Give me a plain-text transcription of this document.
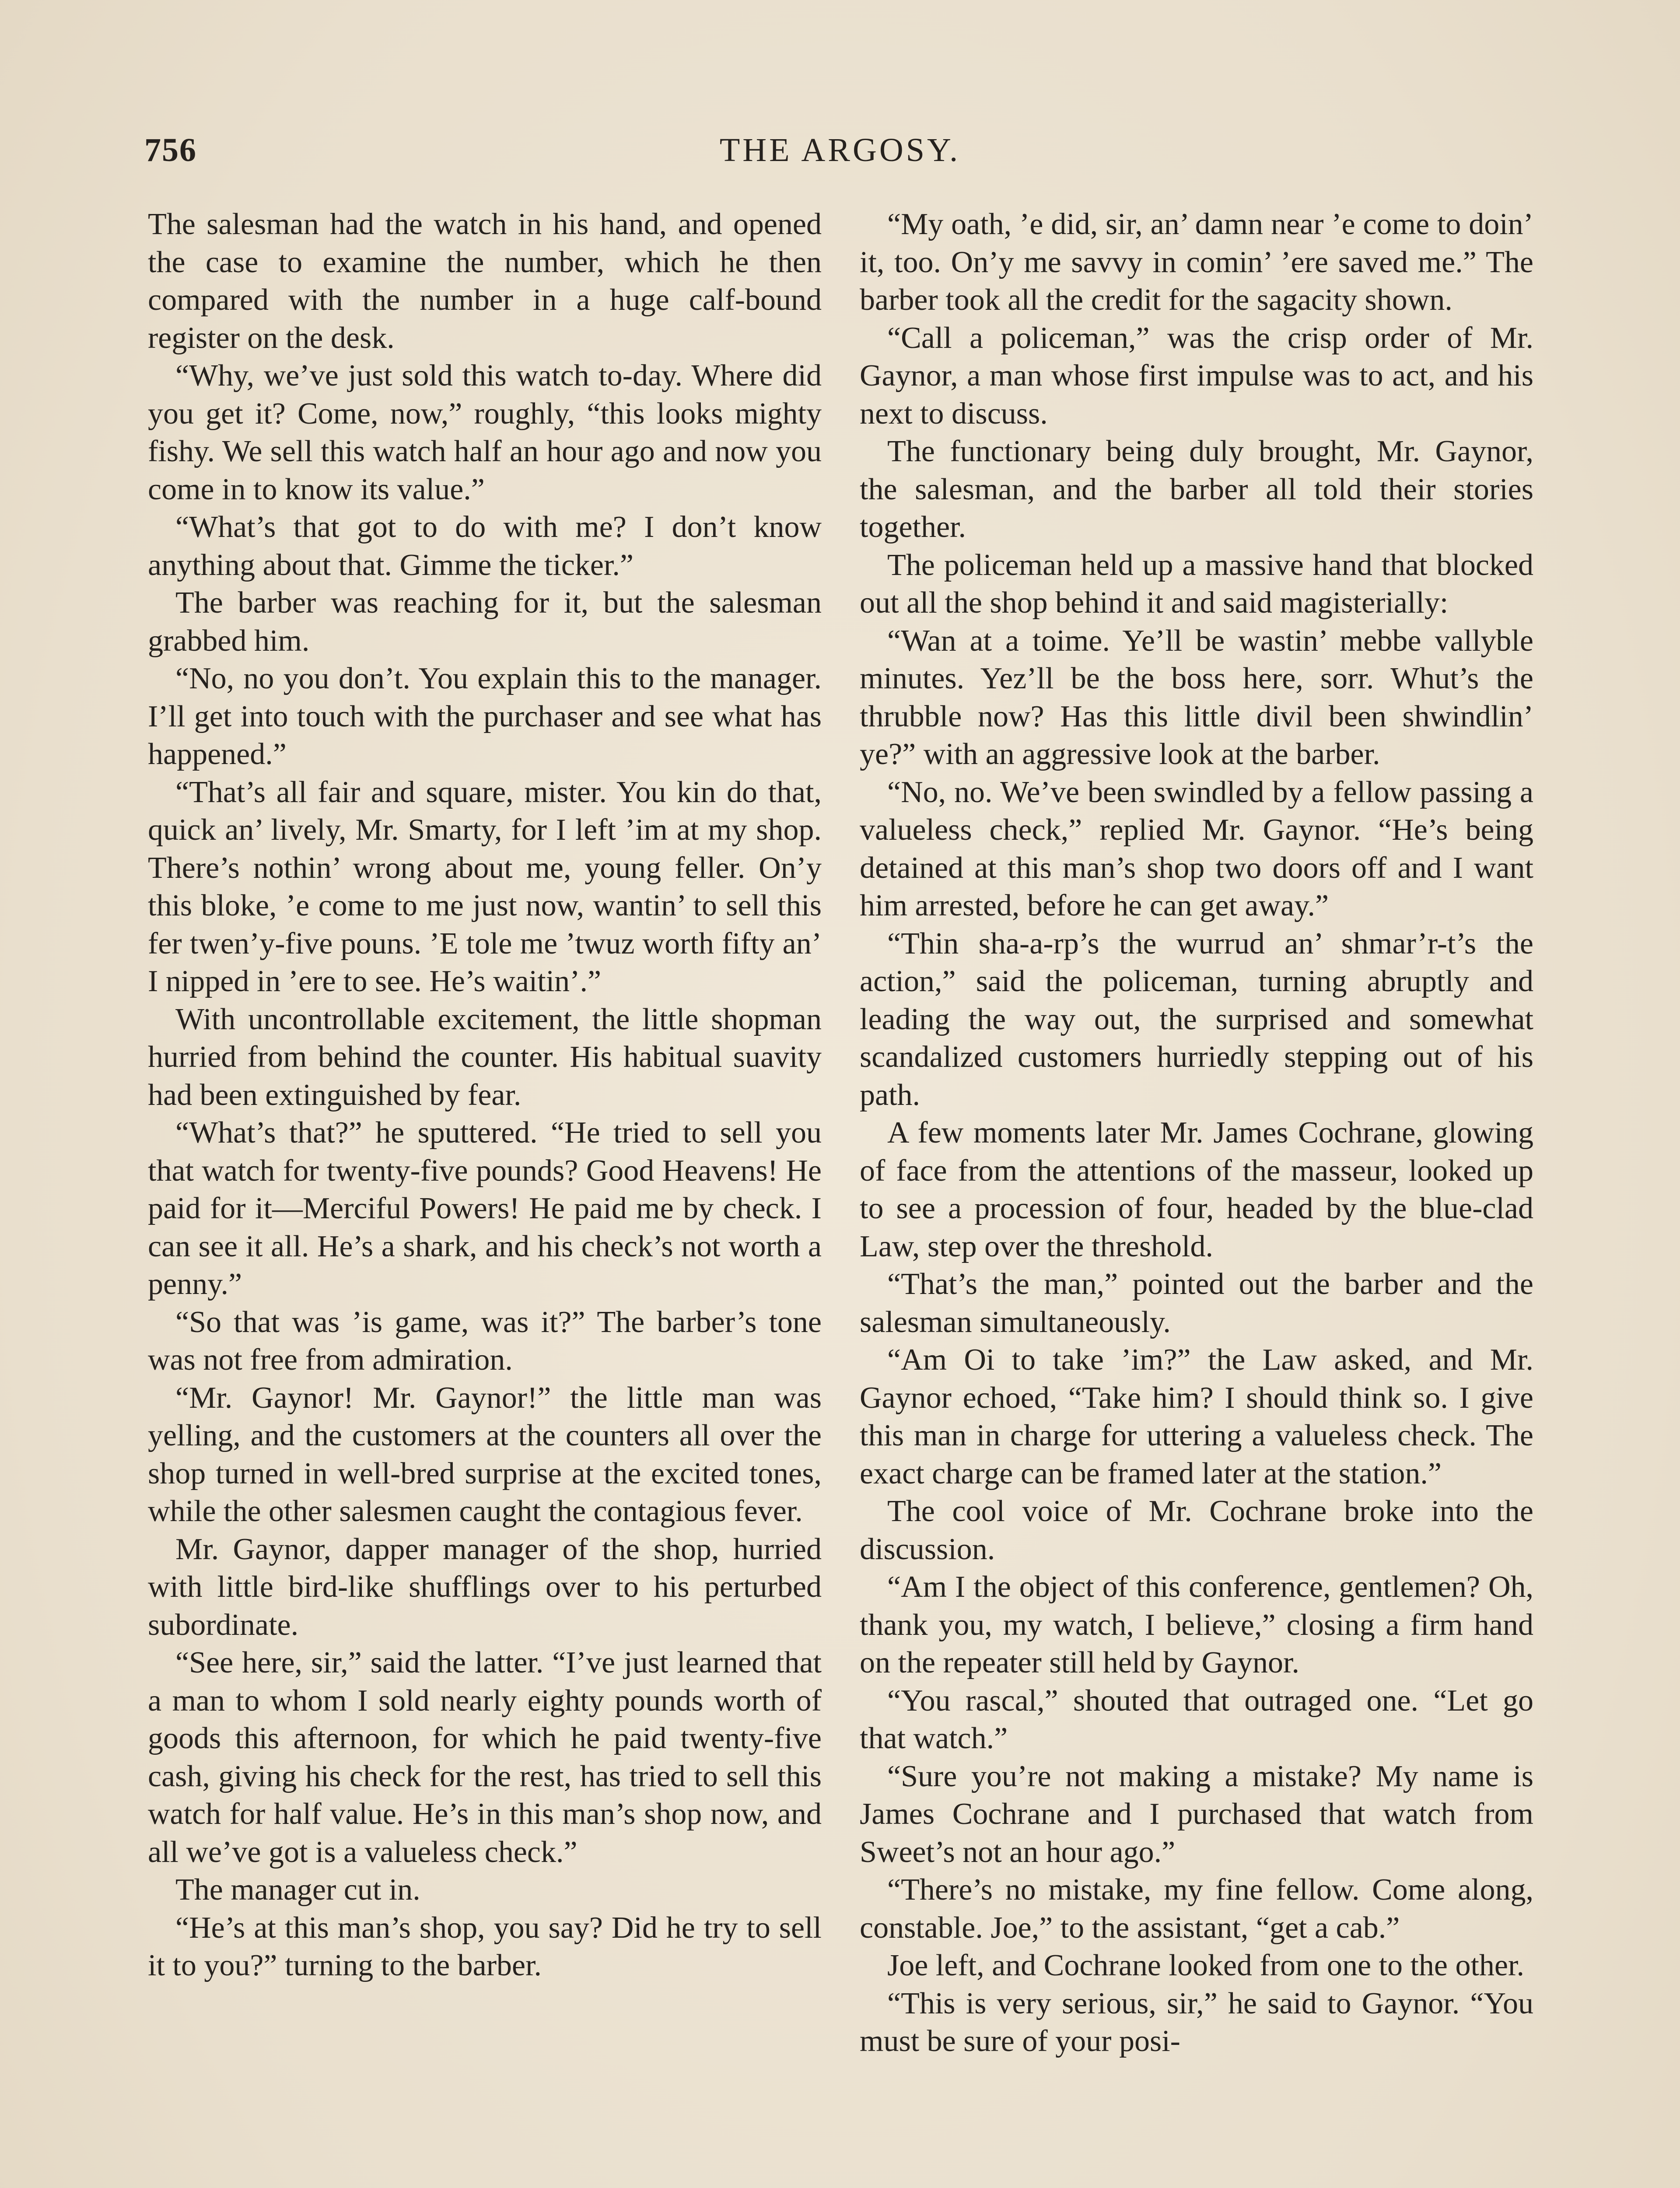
756	THE ARGOSY.

The salesman had the watch in his hand, and opened the case to examine the number, which he then compared with the number in a huge calf-bound register on the desk.

“Why, we’ve just sold this watch to-day. Where did you get it? Come, now,” roughly, “this looks mighty fishy. We sell this watch half an hour ago and now you come in to know its value.”

“What’s that got to do with me? I don’t know anything about that. Gimme the ticker.”

The barber was reaching for it, but the salesman grabbed him.

“No, no you don’t. You explain this to the manager. I’ll get into touch with the purchaser and see what has happened.”

“That’s all fair and square, mister. You kin do that, quick an’ lively, Mr. Smarty, for I left ’im at my shop. There’s nothin’ wrong about me, young feller. On’y this bloke, ’e come to me just now, wantin’ to sell this fer twen’y-five pouns. ’E tole me ’twuz worth fifty an’ I nipped in ’ere to see. He’s waitin’.”

With uncontrollable excitement, the little shopman hurried from behind the counter. His habitual suavity had been extinguished by fear.

“What’s that?” he sputtered. “He tried to sell you that watch for twenty-five pounds? Good Heavens! He paid for it—Merciful Powers! He paid me by check. I can see it all. He’s a shark, and his check’s not worth a penny.”

“So that was ’is game, was it?” The barber’s tone was not free from admiration.

“Mr. Gaynor! Mr. Gaynor!” the little man was yelling, and the customers at the counters all over the shop turned in well-bred surprise at the excited tones, while the other salesmen caught the contagious fever.

Mr. Gaynor, dapper manager of the shop, hurried with little bird-like shufflings over to his perturbed subordinate.

“See here, sir,” said the latter. “I’ve just learned that a man to whom I sold nearly eighty pounds worth of goods this afternoon, for which he paid twenty-five cash, giving his check for the rest, has tried to sell this watch for half value. He’s in this man’s shop now, and all we’ve got is a valueless check.”

The manager cut in.

“He’s at this man’s shop, you say? Did he try to sell it to you?” turning to the barber.

“My oath, ’e did, sir, an’ damn near ’e come to doin’ it, too. On’y me savvy in comin’ ’ere saved me.” The barber took all the credit for the sagacity shown.

“Call a policeman,” was the crisp order of Mr. Gaynor, a man whose first impulse was to act, and his next to discuss.

The functionary being duly brought, Mr. Gaynor, the salesman, and the barber all told their stories together.

The policeman held up a massive hand that blocked out all the shop behind it and said magisterially:

“Wan at a toime. Ye’ll be wastin’ mebbe vallyble minutes. Yez’ll be the boss here, sorr. Whut’s the thrubble now? Has this little divil been shwindlin’ ye?” with an aggressive look at the barber.

“No, no. We’ve been swindled by a fellow passing a valueless check,” replied Mr. Gaynor. “He’s being detained at this man’s shop two doors off and I want him arrested, before he can get away.”

“Thin sha-a-rp’s the wurrud an’ shmar’r-t’s the action,” said the policeman, turning abruptly and leading the way out, the surprised and somewhat scandalized customers hurriedly stepping out of his path.

A few moments later Mr. James Cochrane, glowing of face from the attentions of the masseur, looked up to see a procession of four, headed by the blue-clad Law, step over the threshold.

“That’s the man,” pointed out the barber and the salesman simultaneously.

“Am Oi to take ’im?” the Law asked, and Mr. Gaynor echoed, “Take him? I should think so. I give this man in charge for uttering a valueless check. The exact charge can be framed later at the station.”

The cool voice of Mr. Cochrane broke into the discussion.

“Am I the object of this conference, gentlemen? Oh, thank you, my watch, I believe,” closing a firm hand on the repeater still held by Gaynor.

“You rascal,” shouted that outraged one. “Let go that watch.”

“Sure you’re not making a mistake? My name is James Cochrane and I purchased that watch from Sweet’s not an hour ago.”

“There’s no mistake, my fine fellow. Come along, constable. Joe,” to the assistant, “get a cab.”

Joe left, and Cochrane looked from one to the other.

“This is very serious, sir,” he said to Gaynor. “You must be sure of your posi-
